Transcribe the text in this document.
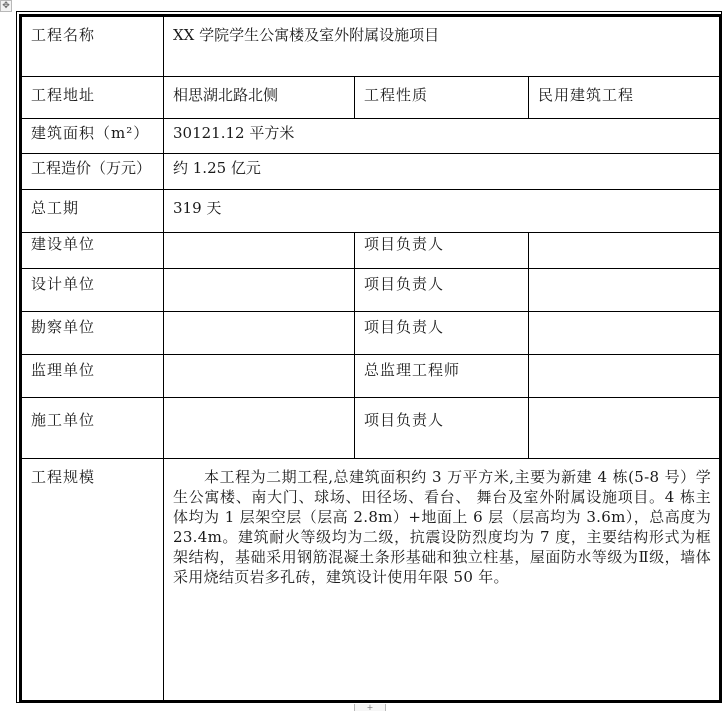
✥
工程名称	XX 学院学生公寓楼及室外附属设施项目		
工程地址	相思湖北路北侧	工程性质	民用建筑工程
建筑面积（m²）	30121.12 平方米		
工程造价（万元）	约 1.25 亿元		
总工期	319 天		
建设单位		项目负责人	
设计单位		项目负责人	
勘察单位		项目负责人	
监理单位		总监理工程师	
施工单位		项目负责人	
工程规模	　　本工程为二期工程,总建筑面积约 3 万平方米,主要为新建 4 栋(5-8 号）学生公寓楼、南大门、球场、田径场、看台、 舞台及室外附属设施项目。4 栋主体均为 1 层架空层（层高 2.8m）+地面上 6 层（层高均为 3.6m），总高度为 23.4m。建筑耐火等级均为二级，抗震设防烈度均为 7 度，主要结构形式为框架结构，基础采用钢筋混凝土条形基础和独立柱基，屋面防水等级为Ⅱ级，墙体采用烧结页岩多孔砖，建筑设计使用年限 50 年。		
+
